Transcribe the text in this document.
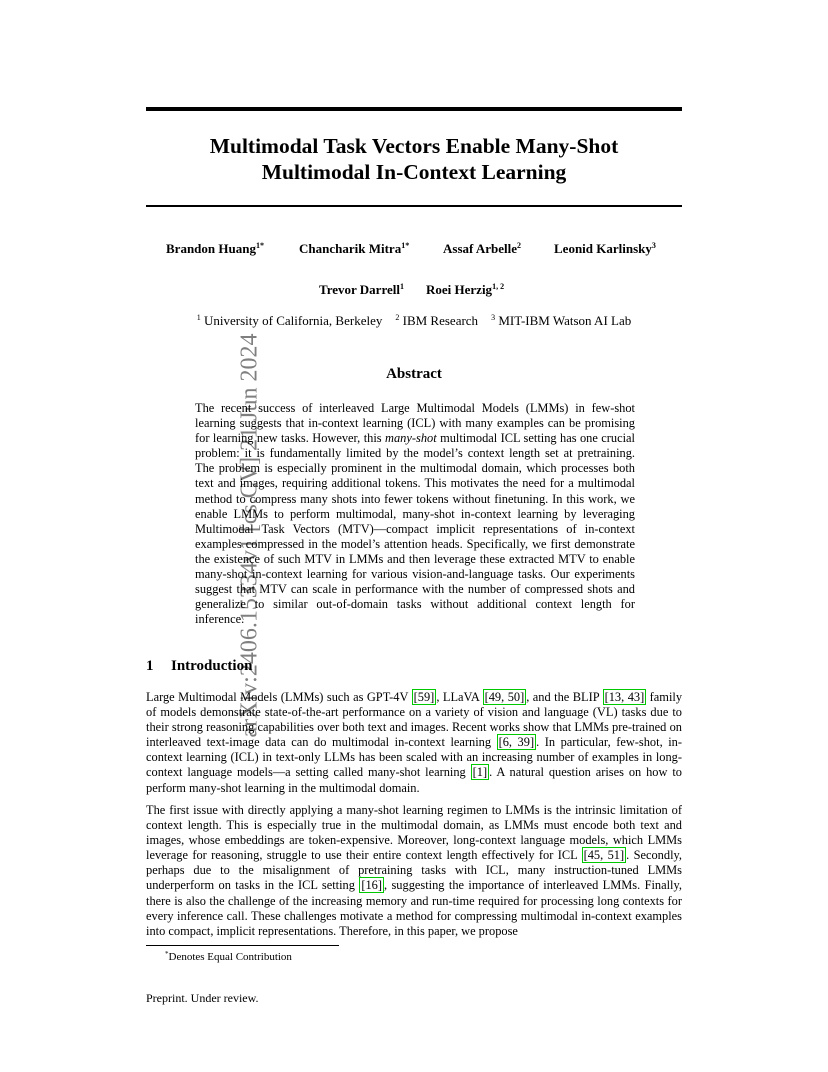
arXiv:2406.15334v1 [cs.CV] 21 Jun 2024
Multimodal Task Vectors Enable Many-Shot
Multimodal In-Context Learning
Brandon Huang$^{1*}$	Chancharik Mitra$^{1*}$	Assaf Arbelle$^2$	Leonid Karlinsky$^3$
Trevor Darrell$^1$ Roei Herzig$^{1, 2}$
$^1$ University of California, Berkeley $^2$ IBM Research $^3$ MIT-IBM Watson AI Lab
Abstract
The recent success of interleaved Large Multimodal Models (LMMs) in few-shot learning suggests that in-context learning (ICL) with many examples can be promising for learning new tasks. However, this many-shot multimodal ICL setting has one crucial problem: it is fundamentally limited by the model’s context length set at pretraining. The problem is especially prominent in the multimodal domain, which processes both text and images, requiring additional tokens. This motivates the need for a multimodal method to compress many shots into fewer tokens without finetuning. In this work, we enable LMMs to perform multimodal, many-shot in-context learning by leveraging Multimodal Task Vectors (MTV)—compact implicit representations of in-context examples compressed in the model’s attention heads. Specifically, we first demonstrate the existence of such MTV in LMMs and then leverage these extracted MTV to enable many-shot in-context learning for various vision-and-language tasks. Our experiments suggest that MTV can scale in performance with the number of compressed shots and generalize to similar out-of-domain tasks without additional context length for inference.
1 Introduction
Large Multimodal Models (LMMs) such as GPT-4V [59] , LLaVA [49, 50] , and the BLIP [13, 43] family of models demonstrate state-of-the-art performance on a variety of vision and language (VL) tasks due to their strong reasoning capabilities over both text and images. Recent works show that LMMs pre-trained on interleaved text-image data can do multimodal in-context learning [6, 39] . In particular, few-shot, in-context learning (ICL) in text-only LLMs has been scaled with an increasing number of examples in long-context language models—a setting called many-shot learning [1] . A natural question arises on how to perform many-shot learning in the multimodal domain.
The first issue with directly applying a many-shot learning regimen to LMMs is the intrinsic limitation of context length. This is especially true in the multimodal domain, as LMMs must encode both text and images, whose embeddings are token-expensive. Moreover, long-context language models, which LMMs leverage for reasoning, struggle to use their entire context length effectively for ICL [45, 51] . Secondly, perhaps due to the misalignment of pretraining tasks with ICL, many instruction-tuned LMMs underperform on tasks in the ICL setting [16] , suggesting the importance of interleaved LMMs. Finally, there is also the challenge of the increasing memory and run-time required for processing long contexts for every inference call. These challenges motivate a method for compressing multimodal in-context examples into compact, implicit representations. Therefore, in this paper, we propose
*Denotes Equal Contribution
Preprint. Under review.
